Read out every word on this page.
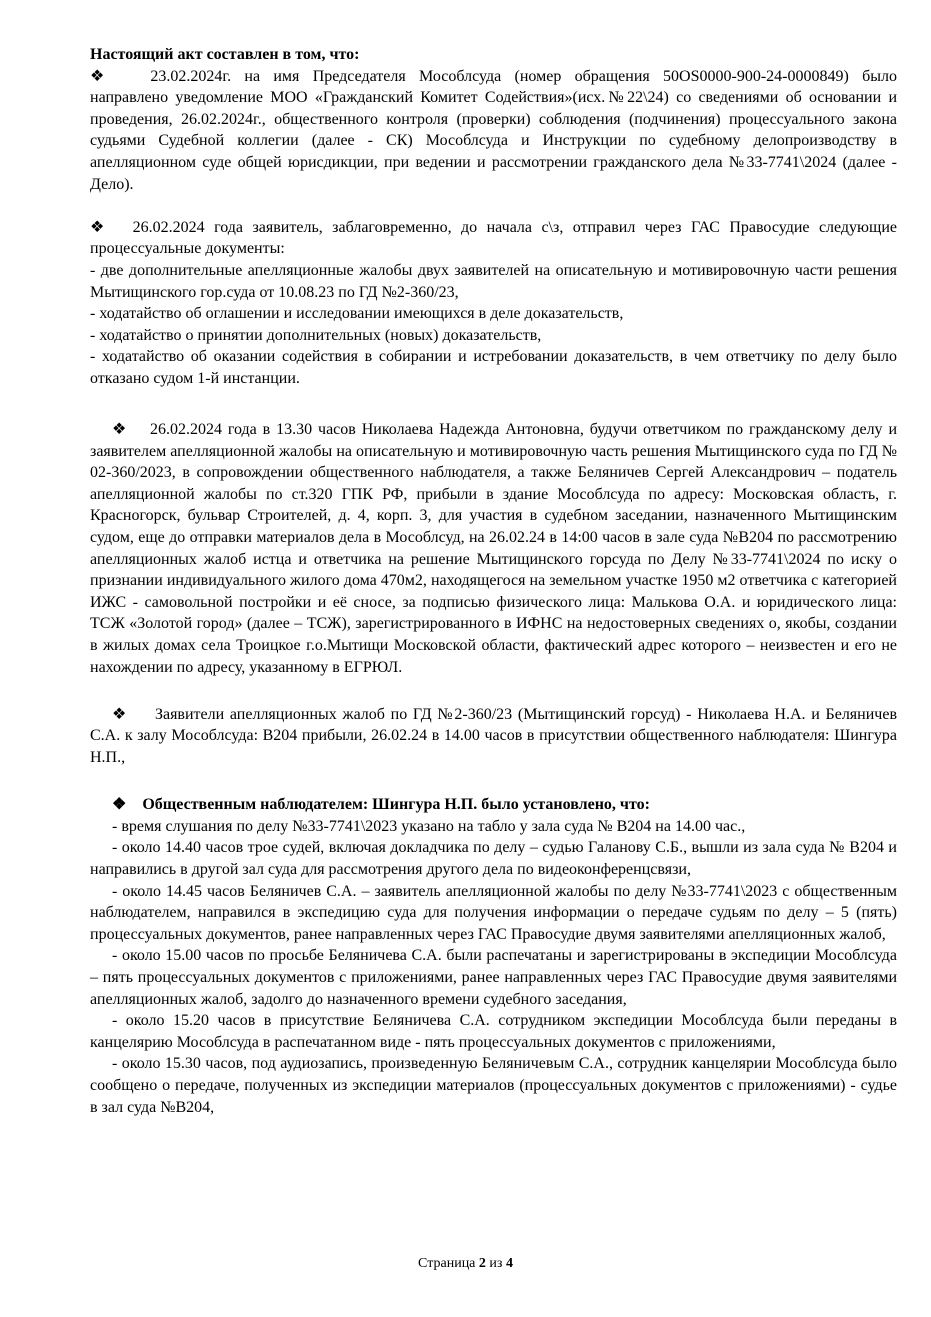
Настоящий акт составлен в том, что:

❖	23.02.2024г. на имя Председателя Мособлсуда (номер обращения 50OS0000-900-24-0000849) было направлено уведомление МОО «Гражданский Комитет Содействия»(исх.№22\24) со сведениями об основании и проведения, 26.02.2024г., общественного контроля (проверки) соблюдения (подчинения) процессуального закона судьями Судебной коллегии (далее - СК) Мособлсуда и Инструкции по судебному делопроизводству в апелляционном суде общей юрисдикции, при ведении и рассмотрении гражданского дела №33-7741\2024 (далее - Дело).

❖ 26.02.2024 года заявитель, заблаговременно, до начала с\з, отправил через ГАС Правосудие следующие процессуальные документы:

- две дополнительные апелляционные жалобы двух заявителей на описательную и мотивировочную части решения Мытищинского гор.суда от 10.08.23 по ГД №2-360/23,

- ходатайство об оглашении и исследовании имеющихся в деле доказательств,

- ходатайство о принятии дополнительных (новых) доказательств,

- ходатайство об оказании содействия в собирании и истребовании доказательств, в чем ответчику по делу было отказано судом 1-й инстанции.

❖ 26.02.2024 года в 13.30 часов Николаева Надежда Антоновна, будучи ответчиком по гражданскому делу и заявителем апелляционной жалобы на описательную и мотивировочную часть решения Мытищинского суда по ГД № 02-360/2023, в сопровождении общественного наблюдателя, а также Беляничев Сергей Александрович – податель апелляционной жалобы по ст.320 ГПК РФ, прибыли в здание Мособлсуда по адресу: Московская область, г. Красногорск, бульвар Строителей, д. 4, корп. 3, для участия в судебном заседании, назначенного Мытищинским судом, еще до отправки материалов дела в Мособлсуд, на 26.02.24 в 14:00 часов в зале суда №В204 по рассмотрению апелляционных жалоб истца и ответчика на решение Мытищинского горсуда по Делу №33-7741\2024 по иску о признании индивидуального жилого дома 470м2, находящегося на земельном участке 1950 м2 ответчика с категорией ИЖС - самовольной постройки и её сносе, за подписью физического лица: Малькова О.А. и юридического лица: ТСЖ «Золотой город» (далее – ТСЖ), зарегистрированного в ИФНС на недостоверных сведениях о, якобы, создании в жилых домах села Троицкое г.о.Мытищи Московской области, фактический адрес которого – неизвестен и его не нахождении по адресу, указанному в ЕГРЮЛ.

❖ Заявители апелляционных жалоб по ГД №2-360/23 (Мытищинский горсуд) - Николаева Н.А. и Беляничев С.А. к залу Мособлсуда: В204 прибыли, 26.02.24 в 14.00 часов в присутствии общественного наблюдателя: Шингура Н.П.,

❖ Общественным наблюдателем: Шингура Н.П. было установлено, что:

- время слушания по делу №33-7741\2023 указано на табло у зала суда № В204 на 14.00 час.,

- около 14.40 часов трое судей, включая докладчика по делу – судью Галанову С.Б., вышли из зала суда № В204 и направились в другой зал суда для рассмотрения другого дела по видеоконференцсвязи,

- около 14.45 часов Беляничев С.А. – заявитель апелляционной жалобы по делу №33-7741\2023 с общественным наблюдателем, направился в экспедицию суда для получения информации о передаче судьям по делу – 5 (пять) процессуальных документов, ранее направленных через ГАС Правосудие двумя заявителями апелляционных жалоб,

- около 15.00 часов по просьбе Беляничева С.А. были распечатаны и зарегистрированы в экспедиции Мособлсуда – пять процессуальных документов с приложениями, ранее направленных через ГАС Правосудие двумя заявителями апелляционных жалоб, задолго до назначенного времени судебного заседания,

- около 15.20 часов в присутствие Беляничева С.А. сотрудником экспедиции Мособлсуда были переданы в канцелярию Мособлсуда в распечатанном виде - пять процессуальных документов с приложениями,

- около 15.30 часов, под аудиозапись, произведенную Беляничевым С.А., сотрудник канцелярии Мособлсуда было сообщено о передаче, полученных из экспедиции материалов (процессуальных документов с приложениями) - судье в зал суда №В204,

Страница 2 из 4
